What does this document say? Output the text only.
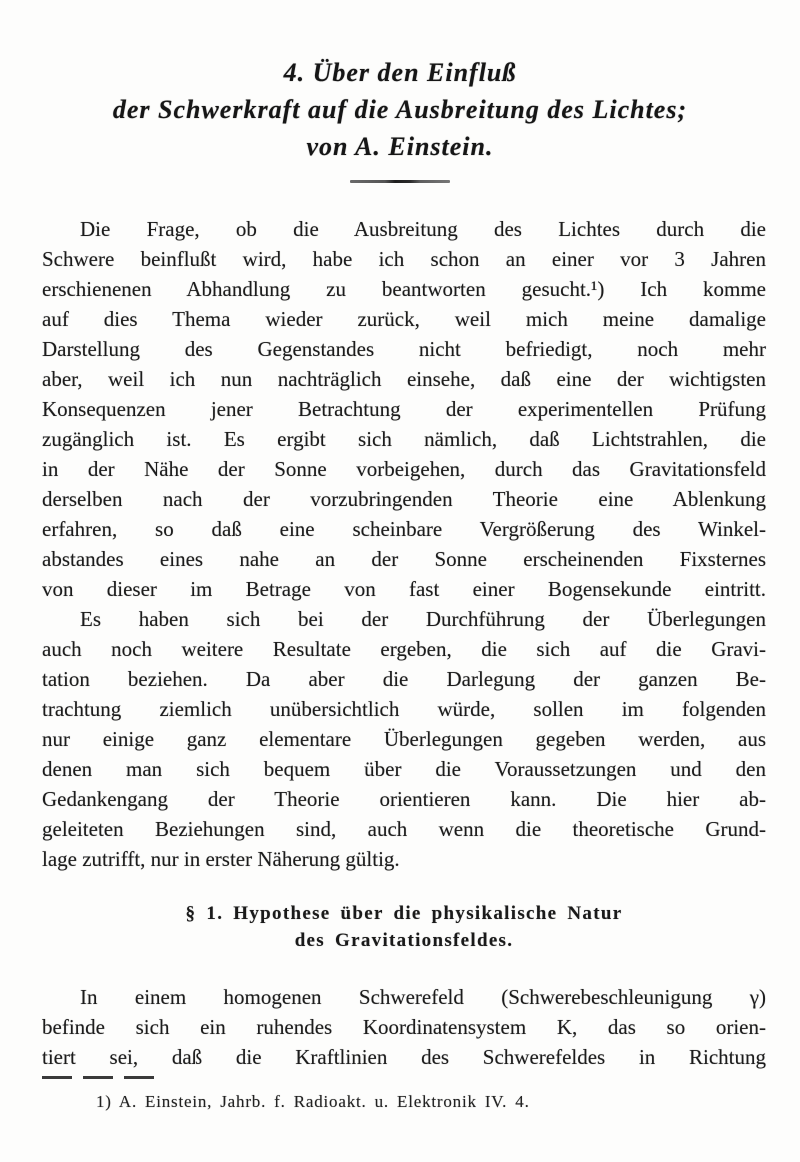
4. Über den Einfluß
der Schwerkraft auf die Ausbreitung des Lichtes;
von A. Einstein.
Die Frage, ob die Ausbreitung des Lichtes durch die
Schwere beinflußt wird, habe ich schon an einer vor 3 Jahren
erschienenen Abhandlung zu beantworten gesucht.¹) Ich komme
auf dies Thema wieder zurück, weil mich meine damalige
Darstellung des Gegenstandes nicht befriedigt, noch mehr
aber, weil ich nun nachträglich einsehe, daß eine der wichtigsten
Konsequenzen jener Betrachtung der experimentellen Prüfung
zugänglich ist. Es ergibt sich nämlich, daß Lichtstrahlen, die
in der Nähe der Sonne vorbeigehen, durch das Gravitationsfeld
derselben nach der vorzubringenden Theorie eine Ablenkung
erfahren, so daß eine scheinbare Vergrößerung des Winkel-
abstandes eines nahe an der Sonne erscheinenden Fixsternes
von dieser im Betrage von fast einer Bogensekunde eintritt.
Es haben sich bei der Durchführung der Überlegungen
auch noch weitere Resultate ergeben, die sich auf die Gravi-
tation beziehen. Da aber die Darlegung der ganzen Be-
trachtung ziemlich unübersichtlich würde, sollen im folgenden
nur einige ganz elementare Überlegungen gegeben werden, aus
denen man sich bequem über die Voraussetzungen und den
Gedankengang der Theorie orientieren kann. Die hier ab-
geleiteten Beziehungen sind, auch wenn die theoretische Grund-
lage zutrifft, nur in erster Näherung gültig.
§ 1. Hypothese über die physikalische Natur
des Gravitationsfeldes.
In einem homogenen Schwerefeld (Schwerebeschleunigung γ)
befinde sich ein ruhendes Koordinatensystem K, das so orien-
tiert sei, daß die Kraftlinien des Schwerefeldes in Richtung
1) A. Einstein, Jahrb. f. Radioakt. u. Elektronik IV. 4.
